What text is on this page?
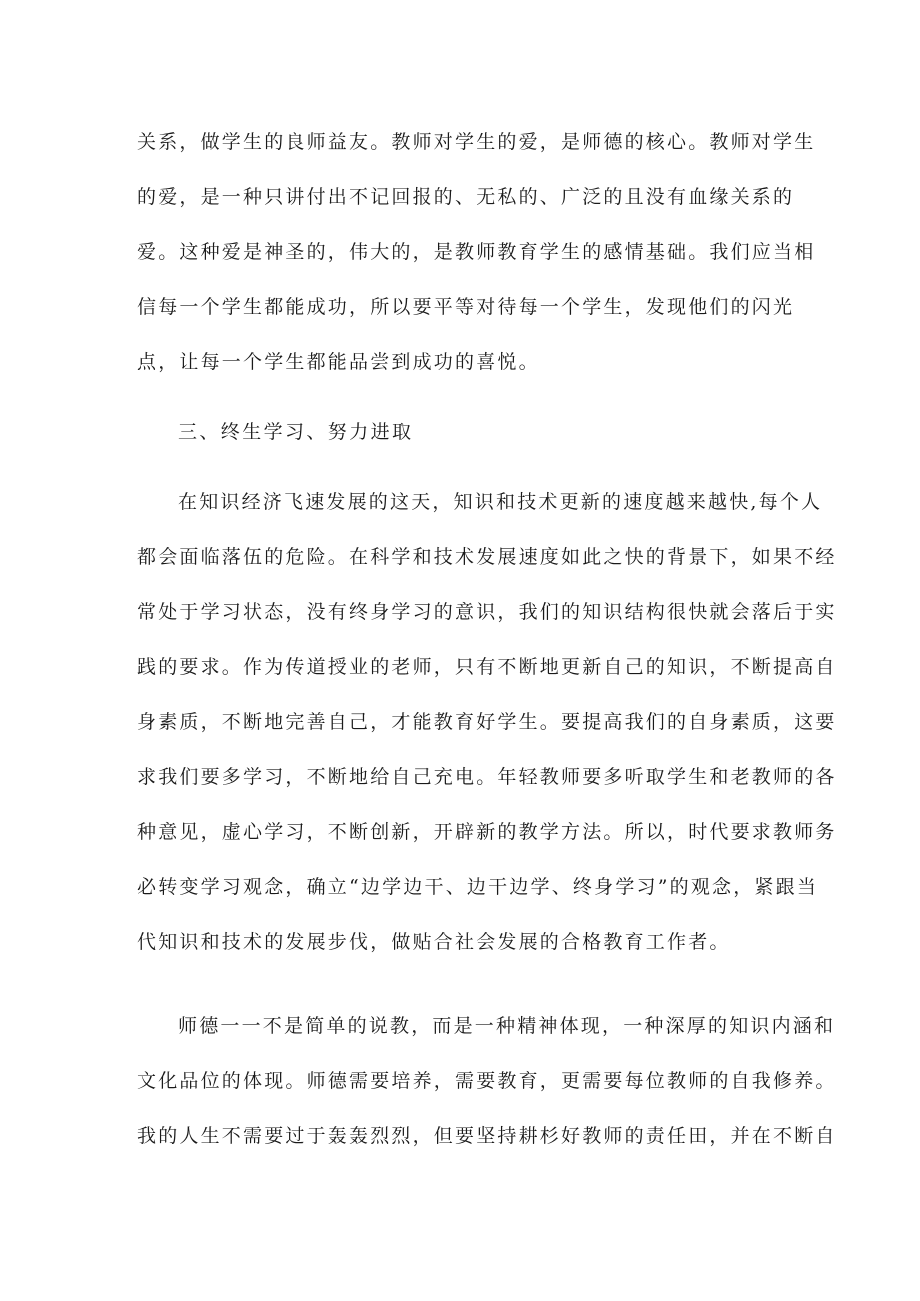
关系，做学生的良师益友。教师对学生的爱，是师德的核心。教师对学生

的爱，是一种只讲付出不记回报的、无私的、广泛的且没有血缘关系的

爱。这种爱是神圣的，伟大的，是教师教育学生的感情基础。我们应当相

信每一个学生都能成功，所以要平等对待每一个学生，发现他们的闪光

点，让每一个学生都能品尝到成功的喜悦。

三、终生学习、努力进取

在知识经济飞速发展的这天，知识和技术更新的速度越来越快,每个人

都会面临落伍的危险。在科学和技术发展速度如此之快的背景下，如果不经

常处于学习状态，没有终身学习的意识，我们的知识结构很快就会落后于实

践的要求。作为传道授业的老师，只有不断地更新自己的知识，不断提高自

身素质，不断地完善自己，才能教育好学生。要提高我们的自身素质，这要

求我们要多学习，不断地给自己充电。年轻教师要多听取学生和老教师的各

种意见，虚心学习，不断创新，开辟新的教学方法。所以，时代要求教师务

必转变学习观念，确立“边学边干、边干边学、终身学习”的观念，紧跟当

代知识和技术的发展步伐，做贴合社会发展的合格教育工作者。

师德一一不是简单的说教，而是一种精神体现，一种深厚的知识内涵和

文化品位的体现。师德需要培养，需要教育，更需要每位教师的自我修养。

我的人生不需要过于轰轰烈烈，但要坚持耕杉好教师的责任田，并在不断自
